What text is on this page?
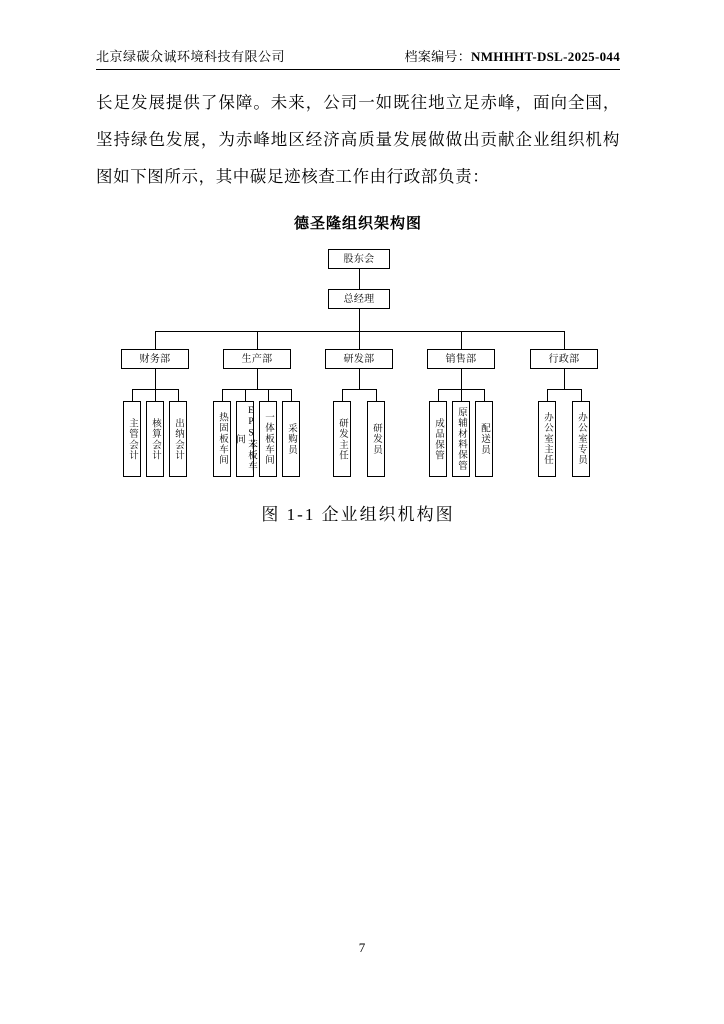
北京绿碳众诚环境科技有限公司	档案编号：NMHHHT-DSL-2025-044
长足发展提供了保障。未来，公司一如既往地立足赤峰，面向全国，坚持绿色发展，为赤峰地区经济高质量发展做做出贡献企业组织机构图如下图所示，其中碳足迹核查工作由行政部负责：
德圣隆组织架构图
股东会
总经理
财务部	生产部	研发部	销售部	行政部
主管会计	核算会计	出纳会计	热固板车间	EPS苯板车间	一体板车间	采购员	研发主任	研发员	成品保管	原辅材料保管	配送员	办公室主任	办公室专员
图 1-1 企业组织机构图
7
